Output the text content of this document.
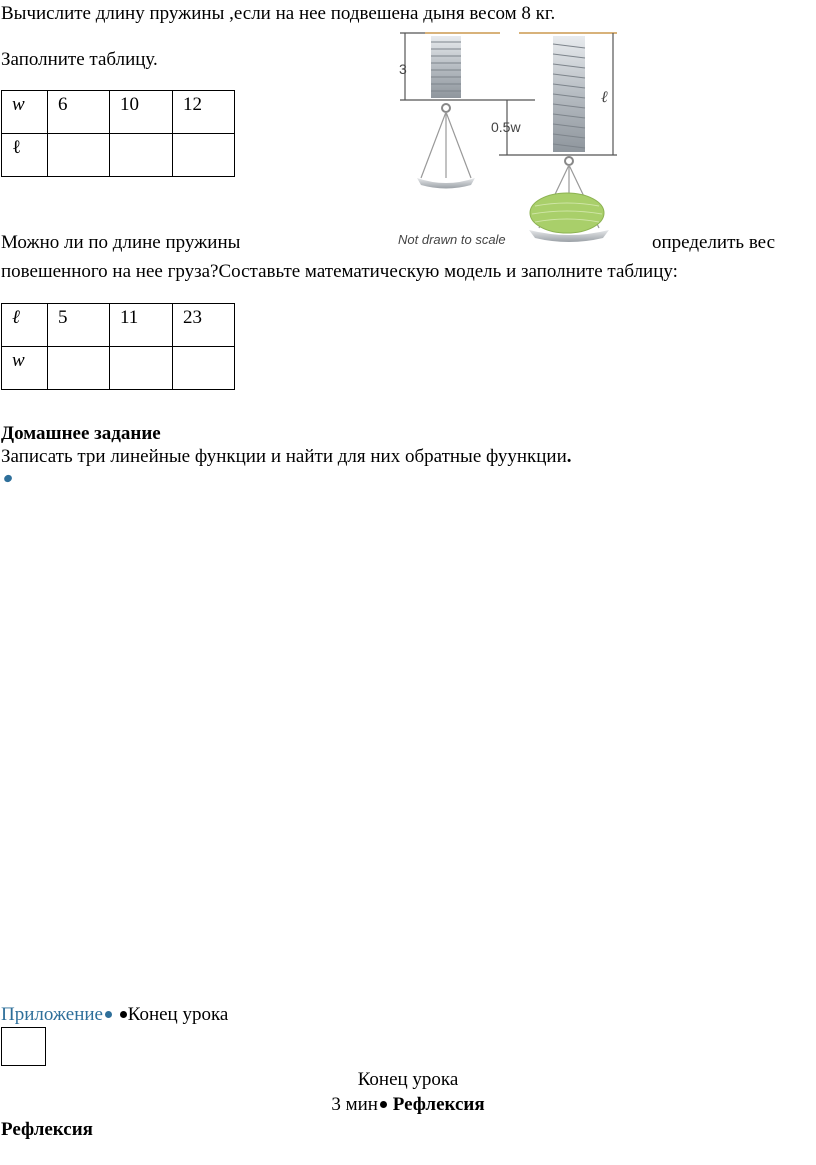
Вычислите длину пружины ,если на нее подвешена дыня весом 8 кг.
Заполните таблицу.
w	6	10	12
ℓ			
3
0.5w
ℓ
Not drawn to scale
Можно ли по длине пружины	определить вес
повешенного на нее груза?Составьте математическую модель и заполните таблицу:
ℓ	5	11	23
w			
Домашнее задание
Записать три линейные функции и найти для них обратные фуункции.
Приложение Конец урока
Конец урока
3 мин Рефлексия
Рефлексия
